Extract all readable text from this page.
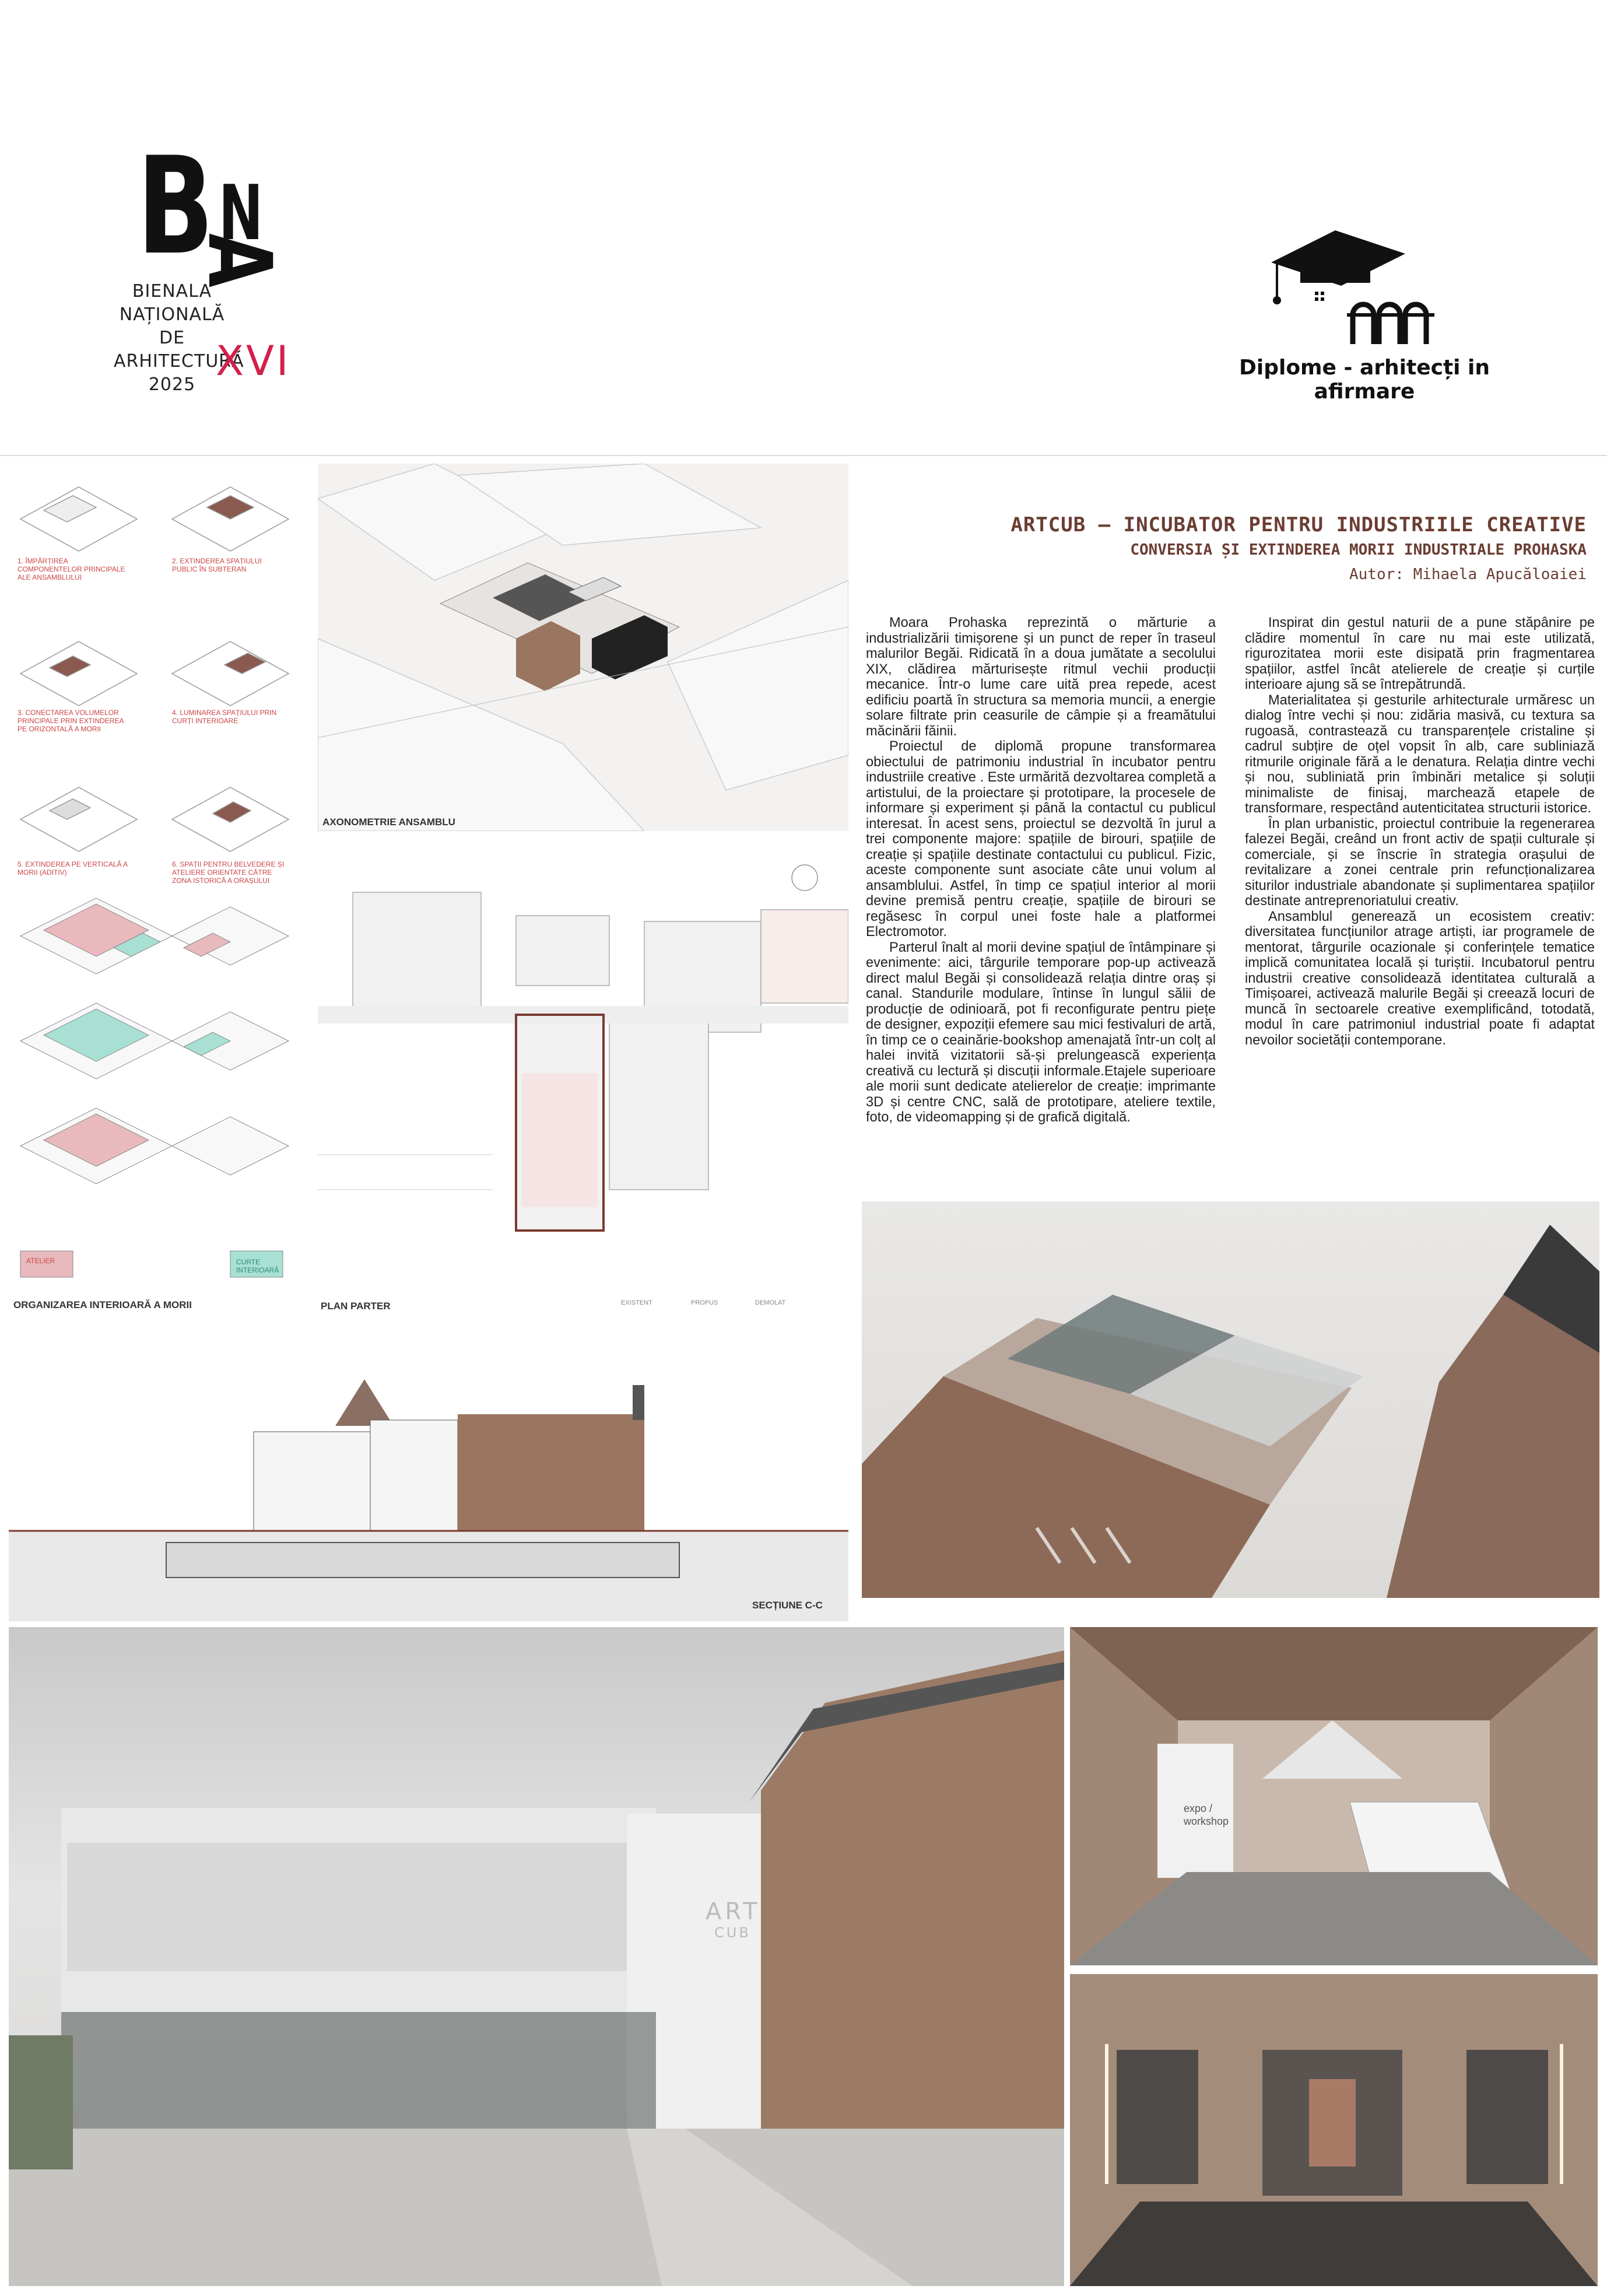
B N
A
BIENALA
NAȚIONALĂ
DE
ARHITECTURĂ
2025 XVI	Diplome - arhitecți in afirmare
1. ÎMPĂRȚIREA COMPONENTELOR PRINCIPALE ALE ANSAMBLULUI
2. EXTINDEREA SPAȚIULUI PUBLIC ÎN SUBTERAN
3. CONECTAREA VOLUMELOR PRINCIPALE PRIN EXTINDEREA PE ORIZONTALĂ A MORII
4. LUMINAREA SPAȚIULUI PRIN CURȚI INTERIOARE
5. EXTINDEREA PE VERTICALĂ A MORII (ADITIV)
6. SPAȚII PENTRU BELVEDERE ȘI ATELIERE ORIENTATE CĂTRE ZONA ISTORICĂ A ORAȘULUI
ATELIER	CURTE INTERIOARĂ
ORGANIZAREA INTERIOARĂ A MORII
AXONOMETRIE ANSAMBLU
EXISTENT	PROPUS	DEMOLAT
PLAN PARTER
ARTCUB – INCUBATOR PENTRU INDUSTRIILE CREATIVE
CONVERSIA ȘI EXTINDEREA MORII INDUSTRIALE PROHASKA
Autor: Mihaela Apucăloaiei

Moara Prohaska reprezintă o mărturie a industrializării timișorene și un punct de reper în traseul malurilor Begăi. Ridicată în a doua jumătate a secolului XIX, clădirea mărturisește ritmul vechii producții mecanice. Într-o lume care uită prea repede, acest edificiu poartă în structura sa memoria muncii, a energie solare filtrate prin ceasurile de câmpie și a freamătului măcinării făinii.

Proiectul de diplomă propune transformarea obiectului de patrimoniu industrial în incubator pentru industriile creative . Este urmărită dezvoltarea completă a artistului, de la proiectare și prototipare, la procesele de informare și experiment și până la contactul cu publicul interesat. În acest sens, proiectul se dezvoltă în jurul a trei componente majore: spațiile de birouri, spațiile de creație și spațiile destinate contactului cu publicul. Fizic, aceste componente sunt asociate câte unui volum al ansamblului. Astfel, în timp ce spațiul interior al morii devine premisă pentru creație, spațiile de birouri se regăsesc în corpul unei foste hale a platformei Electromotor.

Parterul înalt al morii devine spațiul de întâmpinare și evenimente: aici, târgurile temporare pop-up activează direct malul Begăi și consolidează relația dintre oraș și canal. Standurile modulare, întinse în lungul sălii de producție de odinioară, pot fi reconfigurate pentru piețe de designer, expoziții efemere sau mici festivaluri de artă, în timp ce o ceainărie-bookshop amenajată într-un colț al halei invită vizitatorii să-și prelungească experiența creativă cu lectură și discuții informale.Etajele superioare ale morii sunt dedicate atelierelor de creație: imprimante 3D și centre CNC, sală de prototipare, ateliere textile, foto, de videomapping și de grafică digitală.

Inspirat din gestul naturii de a pune stăpânire pe clădire momentul în care nu mai este utilizată, rigurozitatea morii este disipată prin fragmentarea spațiilor, astfel încât atelierele de creație și curțile interioare ajung să se întrepătrundă.

Materialitatea și gesturile arhitecturale urmăresc un dialog între vechi și nou: zidăria masivă, cu textura sa rugoasă, contrastează cu transparențele cristaline și cadrul subțire de oțel vopsit în alb, care subliniază ritmurile originale fără a le denatura. Relația dintre vechi și nou, subliniată prin îmbinări metalice și soluții minimaliste de finisaj, marchează etapele de transformare, respectând autenticitatea structurii istorice.

În plan urbanistic, proiectul contribuie la regenerarea falezei Begăi, creând un front activ de spații culturale și comerciale, și se înscrie în strategia orașului de revitalizare a zonei centrale prin refuncționalizarea siturilor industriale abandonate și suplimentarea spațiilor destinate antreprenoriatului creativ.

Ansamblul generează un ecosistem creativ: diversitatea funcțiunilor atrage artiști, iar programele de mentorat, târgurile ocazionale și conferințele tematice implică comunitatea locală și turiștii. Incubatorul pentru industrii creative consolidează identitatea culturală a Timișoarei, activează malurile Begăi și creează locuri de muncă în sectoarele creative exemplificând, totodată, modul în care patrimoniul industrial poate fi adaptat nevoilor societății contemporane.

SECȚIUNE C-C
ART
CUB
expo / workshop
